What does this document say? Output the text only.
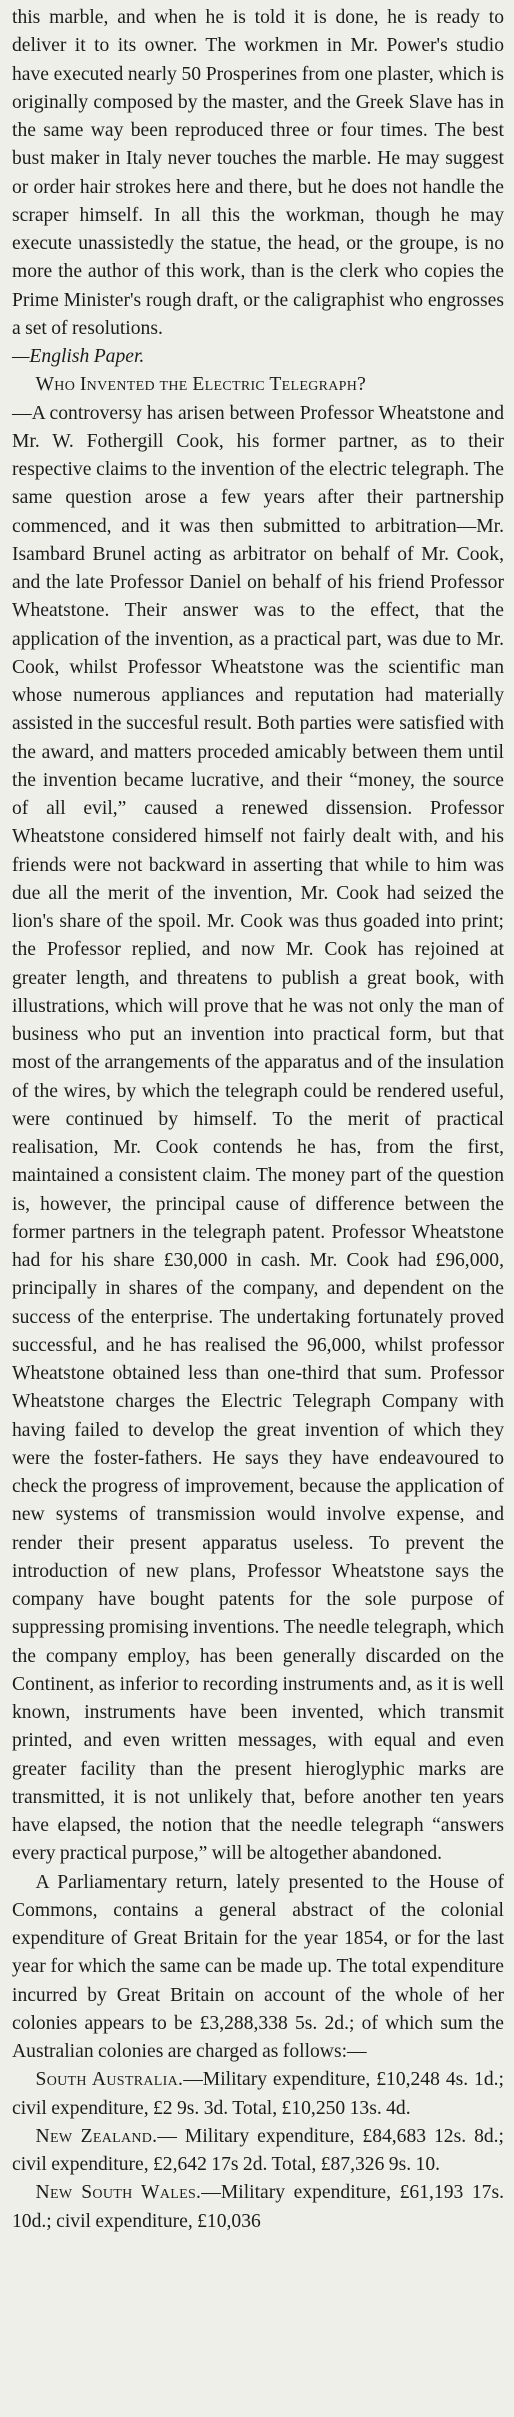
this marble, and when he is told it is done, he is ready to deliver it to its owner. The workmen in Mr. Power's studio have executed nearly 50 Prosperines from one plaster, which is originally composed by the master, and the Greek Slave has in the same way been reproduced three or four times. The best bust maker in Italy never touches the marble. He may suggest or order hair strokes here and there, but he does not handle the scraper himself. In all this the workman, though he may execute unassistedly the statue, the head, or the groupe, is no more the author of this work, than is the clerk who copies the Prime Minister's rough draft, or the caligraphist who engrosses a set of resolutions.
—English Paper.

Who Invented the Electric Telegraph?
—A controversy has arisen between Professor Wheatstone and Mr. W. Fothergill Cook, his former partner, as to their respective claims to the invention of the electric telegraph. The same question arose a few years after their partnership commenced, and it was then submitted to arbitration—Mr. Isambard Brunel acting as arbitrator on behalf of Mr. Cook, and the late Professor Daniel on behalf of his friend Professor Wheatstone. Their answer was to the effect, that the application of the invention, as a practical part, was due to Mr. Cook, whilst Professor Wheatstone was the scientific man whose numerous appliances and reputation had materially assisted in the succesful result. Both parties were satisfied with the award, and matters proceded amicably between them until the invention became lucrative, and their “money, the source of all evil,” caused a renewed dissension. Professor Wheatstone considered himself not fairly dealt with, and his friends were not backward in asserting that while to him was due all the merit of the invention, Mr. Cook had seized the lion's share of the spoil. Mr. Cook was thus goaded into print; the Professor replied, and now Mr. Cook has rejoined at greater length, and threatens to publish a great book, with illustrations, which will prove that he was not only the man of business who put an invention into practical form, but that most of the arrangements of the apparatus and of the insulation of the wires, by which the telegraph could be rendered useful, were continued by himself. To the merit of practical realisation, Mr. Cook contends he has, from the first, maintained a consistent claim. The money part of the question is, however, the principal cause of difference between the former partners in the telegraph patent. Professor Wheatstone had for his share £30,000 in cash. Mr. Cook had £96,000, principally in shares of the company, and dependent on the success of the enterprise. The undertaking fortunately proved successful, and he has realised the 96,000, whilst professor Wheatstone obtained less than one-third that sum. Professor Wheatstone charges the Electric Telegraph Company with having failed to develop the great invention of which they were the foster-fathers. He says they have endeavoured to check the progress of improvement, because the application of new systems of transmission would involve expense, and render their present apparatus useless. To prevent the introduction of new plans, Professor Wheatstone says the company have bought patents for the sole purpose of suppressing promising inventions. The needle telegraph, which the company employ, has been generally discarded on the Continent, as inferior to recording instruments and, as it is well known, instruments have been invented, which transmit printed, and even written messages, with equal and even greater facility than the present hieroglyphic marks are transmitted, it is not unlikely that, before another ten years have elapsed, the notion that the needle telegraph “answers every practical purpose,” will be altogether abandoned.

A Parliamentary return, lately presented to the House of Commons, contains a general abstract of the colonial expenditure of Great Britain for the year 1854, or for the last year for which the same can be made up. The total expenditure incurred by Great Britain on account of the whole of her colonies appears to be £3,288,338 5s. 2d.; of which sum the Australian colonies are charged as follows:—

South Australia.—Military expenditure, £10,248 4s. 1d.; civil expenditure, £2 9s. 3d. Total, £10,250 13s. 4d.

New Zealand.— Military expenditure, £84,683 12s. 8d.; civil expenditure, £2,642 17s 2d. Total, £87,326 9s. 10.

New South Wales.—Military expenditure, £61,193 17s. 10d.; civil expenditure, £10,036
